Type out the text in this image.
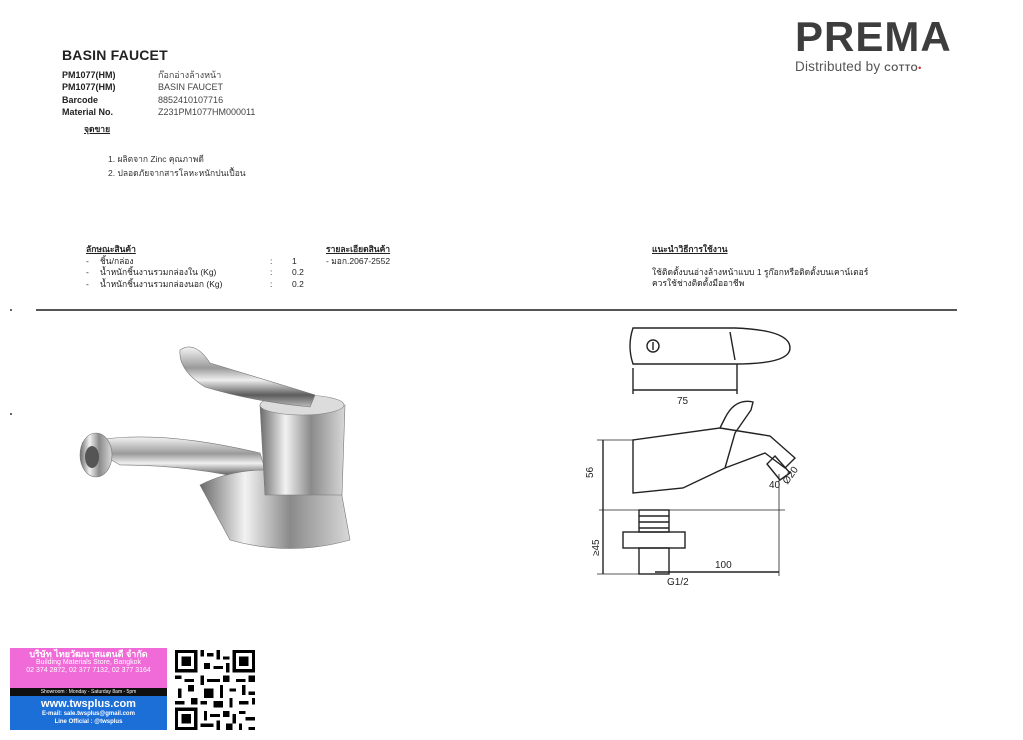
BASIN FAUCET
PM1077(HM)	ก๊อกอ่างล้างหน้า
PM1077(HM)	BASIN FAUCET
Barcode	8852410107716
Material No.	Z231PM1077HM000011
จุดขาย
1. ผลิตจาก Zinc คุณภาพดี
2. ปลอดภัยจากสารโลหะหนักปนเปื้อน
ลักษณะสินค้า
-	ชิ้น/กล่อง	:	1
-	น้ำหนักชิ้นงานรวมกล่องใน (Kg)	:	0.2
-	น้ำหนักชิ้นงานรวมกล่องนอก (Kg)	:	0.2
รายละเอียดสินค้า
- มอก.2067-2552
แนะนำวิธีการใช้งาน
ใช้ติดตั้งบนอ่างล้างหน้าแบบ 1 รูก๊อกหรือติดตั้งบนเคาน์เตอร์
ควรใช้ช่างติดตั้งมืออาชีพ
PREMA
Distributed by COTTO•
75
56
40 Ø20
≥45
100
G1/2
บริษัท ไทยวัฒนาสแตนดี จำกัด
Building Materials Store, Bangkok
02 374 2872, 02 377 7132, 02 377 3164
Showroom : Monday - Saturday 8am - 5pm
www.twsplus.com
E-mail: sale.twsplus@gmail.com
Line Official : @twsplus
